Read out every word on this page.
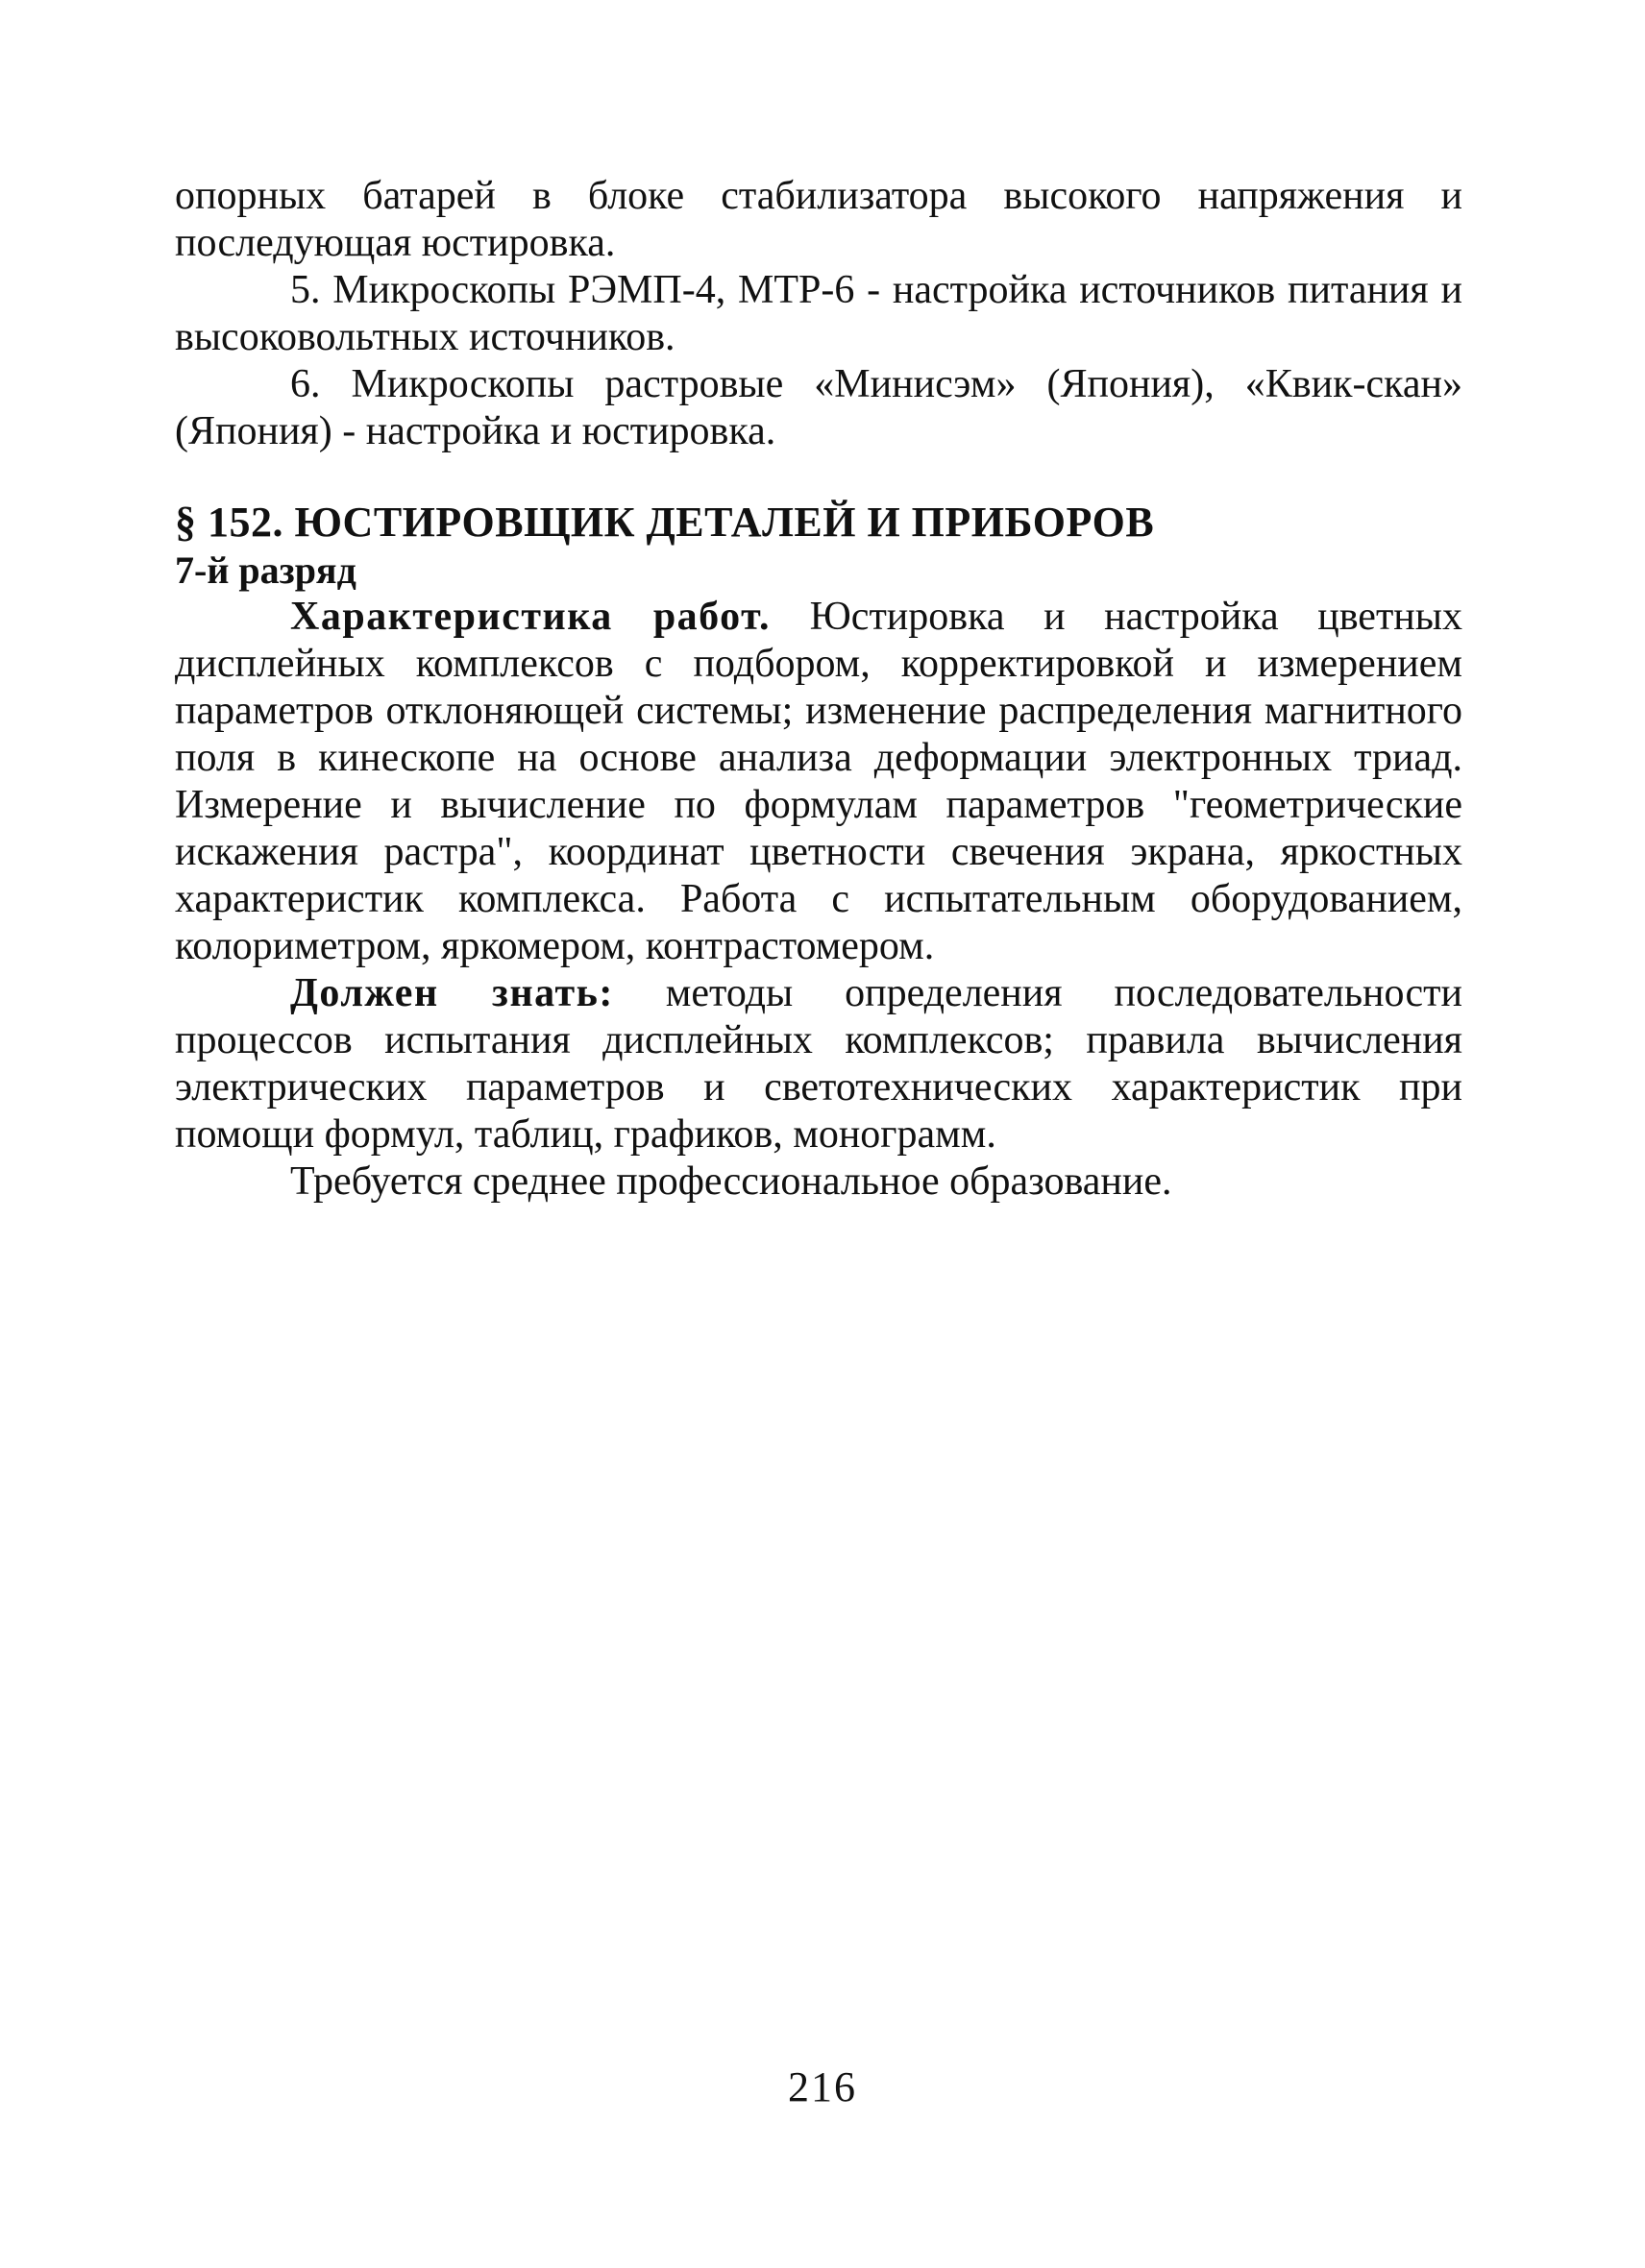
опорных батарей в блоке стабилизатора высокого напряжения и последующая юстировка.

5. Микроскопы РЭМП-4, МТР-6 - настройка источников питания и высоковольтных источников.

6. Микроскопы растровые «Минисэм» (Япония), «Квик-скан» (Япония) - настройка и юстировка.

§ 152. ЮСТИРОВЩИК ДЕТАЛЕЙ И ПРИБОРОВ

7-й разряд

Характеристика работ. Юстировка и настройка цветных дисплейных комплексов с подбором, корректировкой и измерением параметров отклоняющей системы; изменение распределения магнитного поля в кинескопе на основе анализа деформации электронных триад. Измерение и вычисление по формулам параметров "геометрические искажения растра", координат цветности свечения экрана, яркостных характеристик комплекса. Работа с испытательным оборудованием, колориметром, яркомером, контрастомером.

Должен знать: методы определения последовательности процессов испытания дисплейных комплексов; правила вычисления электрических параметров и светотехнических характеристик при помощи формул, таблиц, графиков, монограмм.

Требуется среднее профессиональное образование.

216
